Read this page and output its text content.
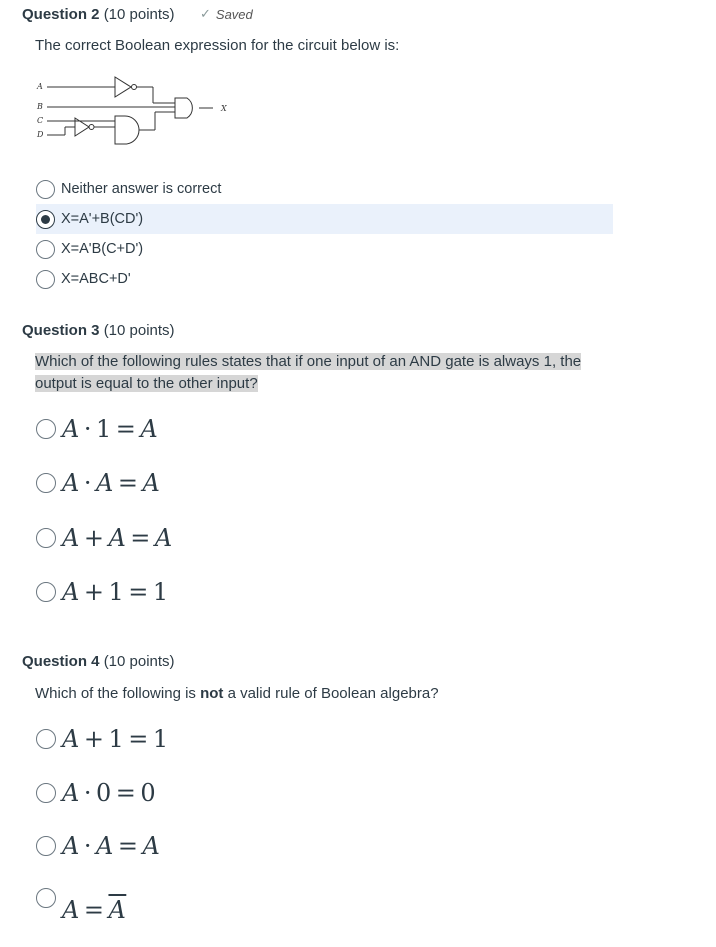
Question 2 (10 points) ✓ Saved
The correct Boolean expression for the circuit below is:
A
B
C
D
X
Neither answer is correct
X=A'+B(CD')
X=A'B(C+D')
X=ABC+D'
Question 3 (10 points)
Which of the following rules states that if one input of an AND gate is always 1, the
output is equal to the other input?
A · 1 = A
A · A = A
A + A = A
A + 1 = 1
Question 4 (10 points)
Which of the following is not a valid rule of Boolean algebra?
A + 1 = 1
A · 0 = 0
A · A = A
$A = \overline{A}$
